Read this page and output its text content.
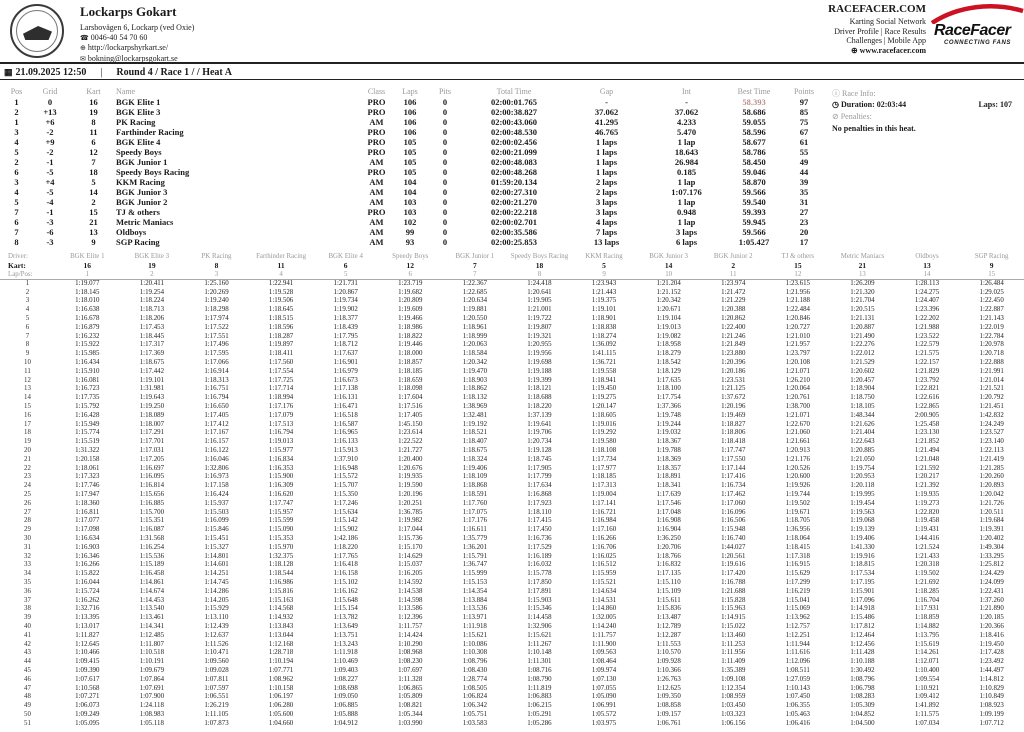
Lockarps Gokart
Larsbovägen 6, Lockarp (ved Oxie)
☎ 0046-40 54 70 60
⊕ http://lockarpshyrkart.se/
✉ bokning@lockarpsgokart.se
RACEFACER.COM
Karting Social Network
Driver Profile | Race Results
Challenges | Mobile App
⊕ www.racefacer.com
RaceFacer
CONNECTING FANS
▦ 21.09.2025 12:50 | Round 4 / Race 1 / / Heat A
Pos	Grid	Kart	Name	Class	Laps	Pits	Total Time	Gap	Int	Best Time	Points
1	0	16	BGK Elite 1	PRO	106	0	02:00:01.765	-	-	58.393	97
2	+13	19	BGK Elite 3	PRO	106	0	02:00:38.827	37.062	37.062	58.686	85
1	+6	8	PK Racing	AM	106	0	02:00:43.060	41.295	4.233	59.055	75
3	-2	11	Farthinder Racing	PRO	106	0	02:00:48.530	46.765	5.470	58.596	67
4	+9	6	BGK Elite 4	PRO	105	0	02:00:02.456	1 laps	1 lap	58.677	61
5	-2	12	Speedy Boys	PRO	105	0	02:00:21.099	1 laps	18.643	58.786	55
2	-1	7	BGK Junior 1	AM	105	0	02:00:48.083	1 laps	26.984	58.450	49
6	-5	18	Speedy Boys Racing	PRO	105	0	02:00:48.268	1 laps	0.185	59.046	44
3	+4	5	KKM Racing	AM	104	0	01:59:20.134	2 laps	1 lap	58.870	39
4	-5	14	BGK Junior 3	AM	104	0	02:00:27.310	2 laps	1:07.176	59.566	35
5	-4	2	BGK Junior 2	AM	103	0	02:00:21.270	3 laps	1 lap	59.540	31
7	-1	15	TJ & others	PRO	103	0	02:00:22.218	3 laps	0.948	59.393	27
6	-3	21	Metric Maniacs	AM	102	0	02:00:02.701	4 laps	1 lap	59.945	23
7	-6	13	Oldboys	AM	99	0	02:00:35.586	7 laps	3 laps	59.566	20
8	-3	9	SGP Racing	AM	93	0	02:00:25.853	13 laps	6 laps	1:05.427	17
ⓘ Race Info:
◷ Duration: 02:03:44	Laps: 107
⊘ Penalties:
No penalties in this heat.
Driver:	BGK Elite 1	BGK Elite 3	PK Racing	Farthinder Racing	BGK Elite 4	Speedy Boys	BGK Junior 1	Speedy Boys Racing	KKM Racing	BGK Junior 3	BGK Junior 2	TJ & others	Metric Maniacs	Oldboys	SGP Racing
Kart:	16	19	8	11	6	12	7	18	5	14	2	15	21	13	9
Lap/Pos:	1	2	3	4	5	6	7	8	9	10	11	12	13	14	15
1	1:19.077	1:20.411	1:25.160	1:22.941	1:21.731	1:23.719	1:22.367	1:24.418	1:23.943	1:21.204	1:23.974	1:23.615	1:26.209	1:28.113	1:26.484
2	1:18.145	1:19.254	1:20.269	1:19.528	1:20.867	1:19.682	1:22.685	1:20.641	1:21.443	1:21.152	1:21.472	1:21.956	1:21.320	1:24.275	1:29.025
3	1:18.010	1:18.224	1:19.240	1:19.506	1:19.734	1:20.809	1:20.634	1:19.905	1:19.375	1:20.342	1:21.229	1:21.188	1:21.704	1:24.407	1:22.450
4	1:16.638	1:18.713	1:18.298	1:18.645	1:19.902	1:19.609	1:19.881	1:21.001	1:19.101	1:20.671	1:20.388	1:22.484	1:20.515	1:23.396	1:22.887
5	1:16.678	1:18.206	1:17.974	1:18.515	1:18.377	1:19.466	1:20.550	1:19.722	1:18.901	1:19.104	1:20.862	1:20.846	1:21.131	1:22.202	1:21.143
6	1:16.879	1:17.453	1:17.522	1:18.596	1:18.439	1:18.986	1:18.961	1:19.807	1:18.838	1:19.013	1:22.400	1:20.727	1:20.887	1:21.988	1:22.019
7	1:16.232	1:18.445	1:17.551	1:18.287	1:17.795	1:18.822	1:18.999	1:19.321	1:18.274	1:19.082	1:21.246	1:21.010	1:21.490	1:23.522	1:22.784
8	1:15.922	1:17.317	1:17.496	1:19.897	1:18.712	1:19.446	1:20.063	1:20.955	1:36.092	1:18.958	1:21.849	1:21.957	1:22.276	1:22.579	1:20.978
9	1:15.985	1:17.369	1:17.595	1:18.411	1:17.637	1:18.000	1:18.584	1:19.956	1:41.115	1:18.279	1:23.880	1:23.797	1:22.012	1:21.575	1:20.718
10	1:16.434	1:18.675	1:17.066	1:17.560	1:16.901	1:18.857	1:20.342	1:19.698	1:36.721	1:18.542	1:20.396	1:20.108	1:21.529	1:22.157	1:22.888
11	1:15.910	1:17.442	1:16.914	1:17.554	1:16.979	1:18.185	1:19.470	1:19.188	1:19.558	1:18.129	1:20.186	1:21.071	1:20.602	1:21.829	1:21.991
12	1:16.081	1:19.101	1:18.313	1:17.725	1:16.673	1:18.659	1:18.903	1:19.399	1:18.941	1:17.635	1:23.531	1:26.210	1:20.457	1:23.792	1:21.014
13	1:16.723	1:31.981	1:16.751	1:17.714	1:17.138	1:18.098	1:18.862	1:18.121	1:19.450	1:18.100	1:21.125	1:20.064	1:18.904	1:22.821	1:21.521
14	1:17.735	1:19.643	1:16.794	1:18.994	1:16.131	1:17.604	1:18.132	1:18.688	1:19.275	1:17.754	1:37.672	1:20.761	1:18.750	1:22.616	1:20.792
15	1:15.792	1:19.250	1:16.650	1:17.176	1:16.471	1:17.516	1:38.969	1:18.220	1:20.147	1:37.366	1:20.196	1:38.700	1:18.105	1:22.865	1:21.451
16	1:16.428	1:18.089	1:17.405	1:17.079	1:16.518	1:17.405	1:32.481	1:37.139	1:18.605	1:19.748	1:19.469	1:21.071	1:48.344	2:00.905	1:42.832
17	1:15.949	1:18.007	1:17.412	1:17.513	1:16.587	1:45.150	1:19.192	1:19.641	1:19.016	1:19.244	1:18.827	1:22.670	1:21.626	1:25.458	1:24.249
18	1:15.774	1:17.291	1:17.167	1:16.794	1:16.965	1:23.614	1:18.521	1:19.706	1:19.292	1:19.032	1:18.806	1:21.060	1:21.404	1:23.130	1:23.527
19	1:15.519	1:17.701	1:16.157	1:19.013	1:16.133	1:22.522	1:18.407	1:20.734	1:19.580	1:18.367	1:18.418	1:21.661	1:22.643	1:21.852	1:23.140
20	1:31.322	1:17.031	1:16.122	1:15.977	1:15.913	1:21.727	1:18.675	1:19.128	1:18.108	1:19.788	1:17.747	1:20.913	1:20.885	1:21.494	1:22.113
21	1:20.158	1:17.205	1:16.046	1:16.834	1:37.910	1:20.400	1:18.324	1:18.745	1:17.734	1:18.369	1:17.550	1:21.176	1:21.050	1:21.048	1:21.419
22	1:18.061	1:16.697	1:32.806	1:16.353	1:16.948	1:20.676	1:19.406	1:17.905	1:17.977	1:18.357	1:17.144	1:20.526	1:19.754	1:21.592	1:21.285
23	1:17.323	1:16.095	1:16.973	1:15.900	1:15.572	1:19.935	1:18.109	1:17.799	1:18.185	1:18.891	1:17.416	1:20.600	1:20.953	1:20.217	1:20.260
24	1:17.746	1:16.814	1:17.158	1:16.309	1:15.707	1:19.590	1:18.868	1:17.634	1:17.313	1:18.341	1:16.734	1:19.926	1:20.118	1:21.392	1:20.893
25	1:17.947	1:15.656	1:16.424	1:16.620	1:15.350	1:20.196	1:18.591	1:16.868	1:19.004	1:17.639	1:17.462	1:19.744	1:19.995	1:19.935	1:20.042
26	1:18.360	1:16.885	1:15.937	1:17.747	1:17.246	1:20.251	1:17.760	1:17.923	1:17.141	1:17.546	1:17.060	1:19.502	1:19.454	1:19.273	1:21.726
27	1:16.811	1:15.700	1:15.503	1:15.957	1:15.634	1:36.785	1:17.075	1:18.110	1:16.721	1:17.048	1:16.096	1:19.671	1:19.563	1:22.820	1:20.511
28	1:17.077	1:15.351	1:16.099	1:15.599	1:15.142	1:19.982	1:17.176	1:17.415	1:16.984	1:16.908	1:16.506	1:18.705	1:19.068	1:19.458	1:19.684
29	1:17.098	1:16.087	1:15.846	1:15.090	1:15.902	1:17.044	1:16.611	1:17.450	1:17.160	1:16.904	1:15.948	1:36.956	1:19.139	1:19.431	1:19.391
30	1:16.634	1:31.568	1:15.451	1:15.353	1:42.186	1:15.736	1:35.779	1:16.736	1:16.266	1:36.250	1:16.740	1:18.064	1:19.406	1:44.416	1:20.402
31	1:16.903	1:16.254	1:15.327	1:15.970	1:18.220	1:15.170	1:36.201	1:17.529	1:16.706	1:20.706	1:44.027	1:18.415	1:41.330	1:21.524	1:49.304
32	1:16.346	1:15.536	1:14.801	1:32.375	1:17.765	1:14.629	1:15.791	1:16.189	1:16.025	1:18.766	1:20.561	1:17.318	1:19.916	1:21.433	1:33.295
33	1:16.266	1:15.189	1:14.601	1:18.128	1:16.418	1:15.037	1:36.747	1:16.032	1:16.512	1:16.832	1:19.616	1:16.915	1:18.815	1:20.318	1:25.812
34	1:15.822	1:16.458	1:14.251	1:18.544	1:16.158	1:16.205	1:15.999	1:15.778	1:15.959	1:17.135	1:17.420	1:15.629	1:17.534	1:19.502	1:24.429
35	1:16.044	1:14.861	1:14.745	1:16.986	1:15.102	1:14.592	1:15.153	1:17.850	1:15.521	1:15.110	1:16.788	1:17.299	1:17.195	1:21.692	1:24.099
36	1:15.724	1:14.674	1:14.286	1:15.816	1:16.162	1:14.538	1:14.354	1:17.891	1:14.634	1:15.109	1:21.688	1:16.219	1:15.901	1:18.285	1:22.431
37	1:16.262	1:14.453	1:14.205	1:15.163	1:15.648	1:14.598	1:13.884	1:15.903	1:14.531	1:15.611	1:15.828	1:15.041	1:17.096	1:16.704	1:37.260
38	1:32.716	1:13.540	1:15.929	1:14.568	1:15.154	1:13.586	1:13.536	1:15.346	1:14.860	1:15.836	1:15.963	1:15.069	1:14.918	1:17.931	1:21.890
39	1:13.395	1:13.461	1:13.110	1:14.932	1:13.782	1:12.396	1:13.971	1:14.458	1:32.005	1:13.487	1:14.915	1:13.962	1:15.486	1:18.859	1:20.185
40	1:13.017	1:14.341	1:12.439	1:13.843	1:13.649	1:11.757	1:11.918	1:32.906	1:14.240	1:12.789	1:15.022	1:12.757	1:17.812	1:14.882	1:20.366
41	1:11.827	1:12.485	1:12.637	1:13.044	1:13.751	1:14.424	1:15.621	1:15.621	1:11.757	1:12.287	1:13.460	1:12.251	1:12.464	1:13.795	1:18.416
42	1:12.645	1:11.807	1:11.526	1:12.168	1:13.243	1:10.290	1:10.086	1:11.267	1:11.900	1:11.553	1:11.253	1:11.944	1:12.456	1:15.619	1:19.450
43	1:10.466	1:10.518	1:10.471	1:28.718	1:11.918	1:08.968	1:10.308	1:10.148	1:09.563	1:10.570	1:11.956	1:11.616	1:11.428	1:14.261	1:17.428
44	1:09.415	1:10.191	1:09.560	1:10.194	1:10.469	1:08.230	1:08.796	1:11.301	1:08.464	1:09.928	1:11.409	1:12.096	1:10.188	1:12.071	1:23.492
45	1:09.390	1:09.679	1:09.028	1:07.771	1:09.403	1:07.697	1:08.430	1:08.716	1:09.974	1:10.366	1:35.389	1:08.511	1:30.492	1:10.400	1:44.497
46	1:07.617	1:07.864	1:07.811	1:08.962	1:08.227	1:11.328	1:28.774	1:08.790	1:07.130	1:26.763	1:09.108	1:27.059	1:08.796	1:09.554	1:14.812
47	1:10.568	1:07.691	1:07.597	1:10.158	1:08.698	1:06.865	1:08.505	1:11.819	1:07.055	1:12.625	1:12.354	1:10.143	1:06.798	1:10.921	1:10.829
48	1:07.271	1:07.900	1:06.551	1:06.197	1:09.050	1:05.809	1:06.824	1:06.883	1:05.090	1:09.350	1:08.959	1:07.450	1:08.283	1:09.412	1:10.849
49	1:06.073	1:24.118	1:26.219	1:06.280	1:06.885	1:08.821	1:06.342	1:06.215	1:06.991	1:08.858	1:03.450	1:06.355	1:05.309	1:41.892	1:08.923
50	1:09.249	1:08.983	1:11.105	1:05.600	1:05.888	1:05.344	1:05.751	1:05.291	1:05.572	1:09.157	1:03.323	1:05.463	1:04.852	1:11.575	1:09.199
51	1:05.095	1:05.118	1:07.873	1:04.660	1:04.912	1:03.990	1:03.583	1:05.286	1:03.975	1:06.761	1:06.156	1:06.416	1:04.500	1:07.034	1:07.712
